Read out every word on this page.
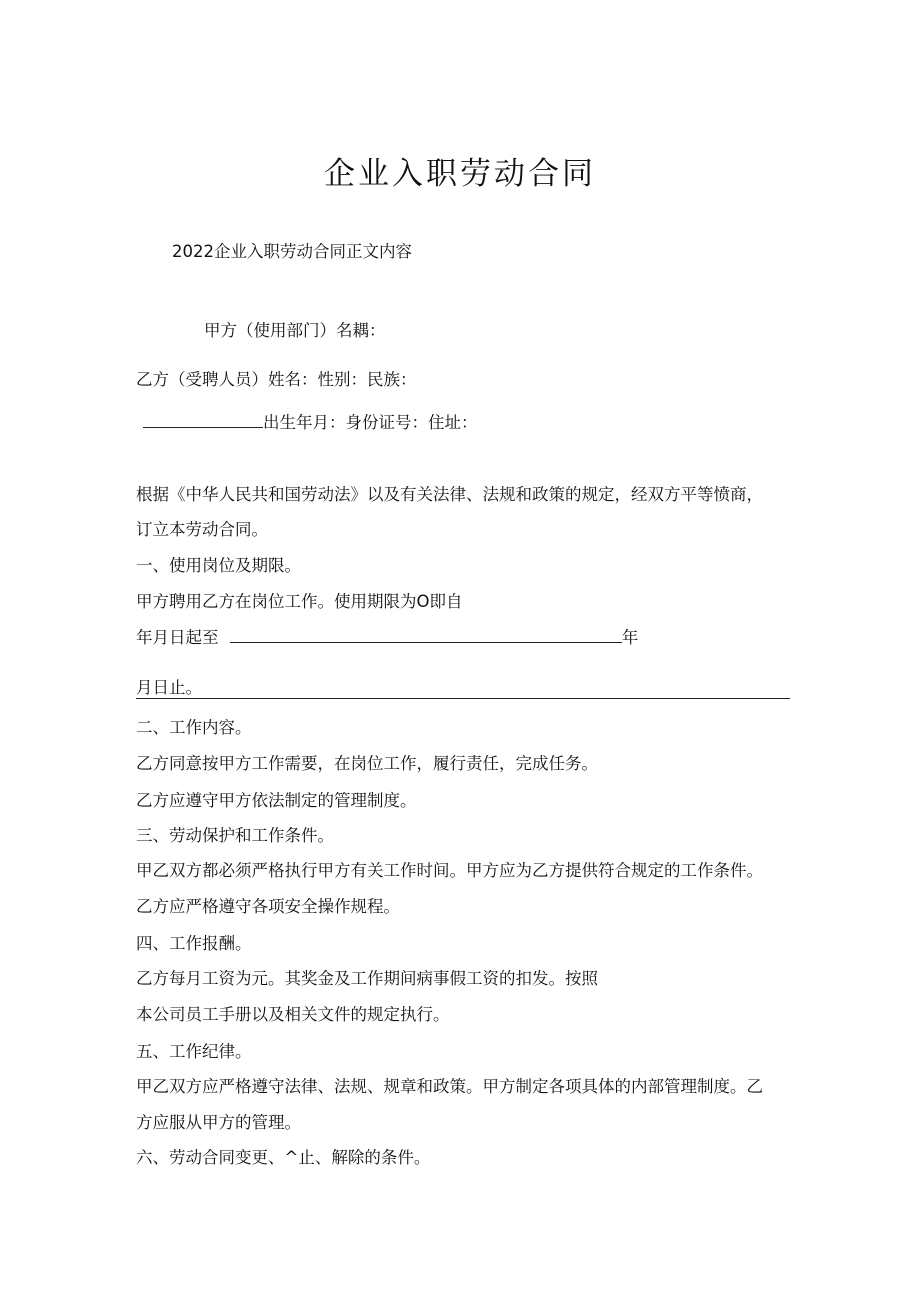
企业入职劳动合同
2022企业入职劳动合同正文内容
甲方（使用部门）名耦：
乙方（受聘人员）姓名：性别：民族：
出生年月：身份证号：住址：
根据《中华人民共和国劳动法》以及有关法律、法规和政策的规定，经双方平等愤商，
订立本劳动合同。
一、使用岗位及期限。
甲方聘用乙方在岗位工作。使用期限为O即自
年月日起至	年
月日止。
二、工作内容。
乙方同意按甲方工作需要，在岗位工作，履行责任，完成任务。
乙方应遵守甲方依法制定的管理制度。
三、劳动保护和工作条件。
甲乙双方都必须严格执行甲方有关工作时间。甲方应为乙方提供符合规定的工作条件。
乙方应严格遵守各项安全操作规程。
四、工作报酬。
乙方每月工资为元。其奖金及工作期间病事假工资的扣发。按照
本公司员工手册以及相关文件的规定执行。
五、工作纪律。
甲乙双方应严格遵守法律、法规、规章和政策。甲方制定各项具体的内部管理制度。乙
方应服从甲方的管理。
六、劳动合同变更、^止、解除的条件。
